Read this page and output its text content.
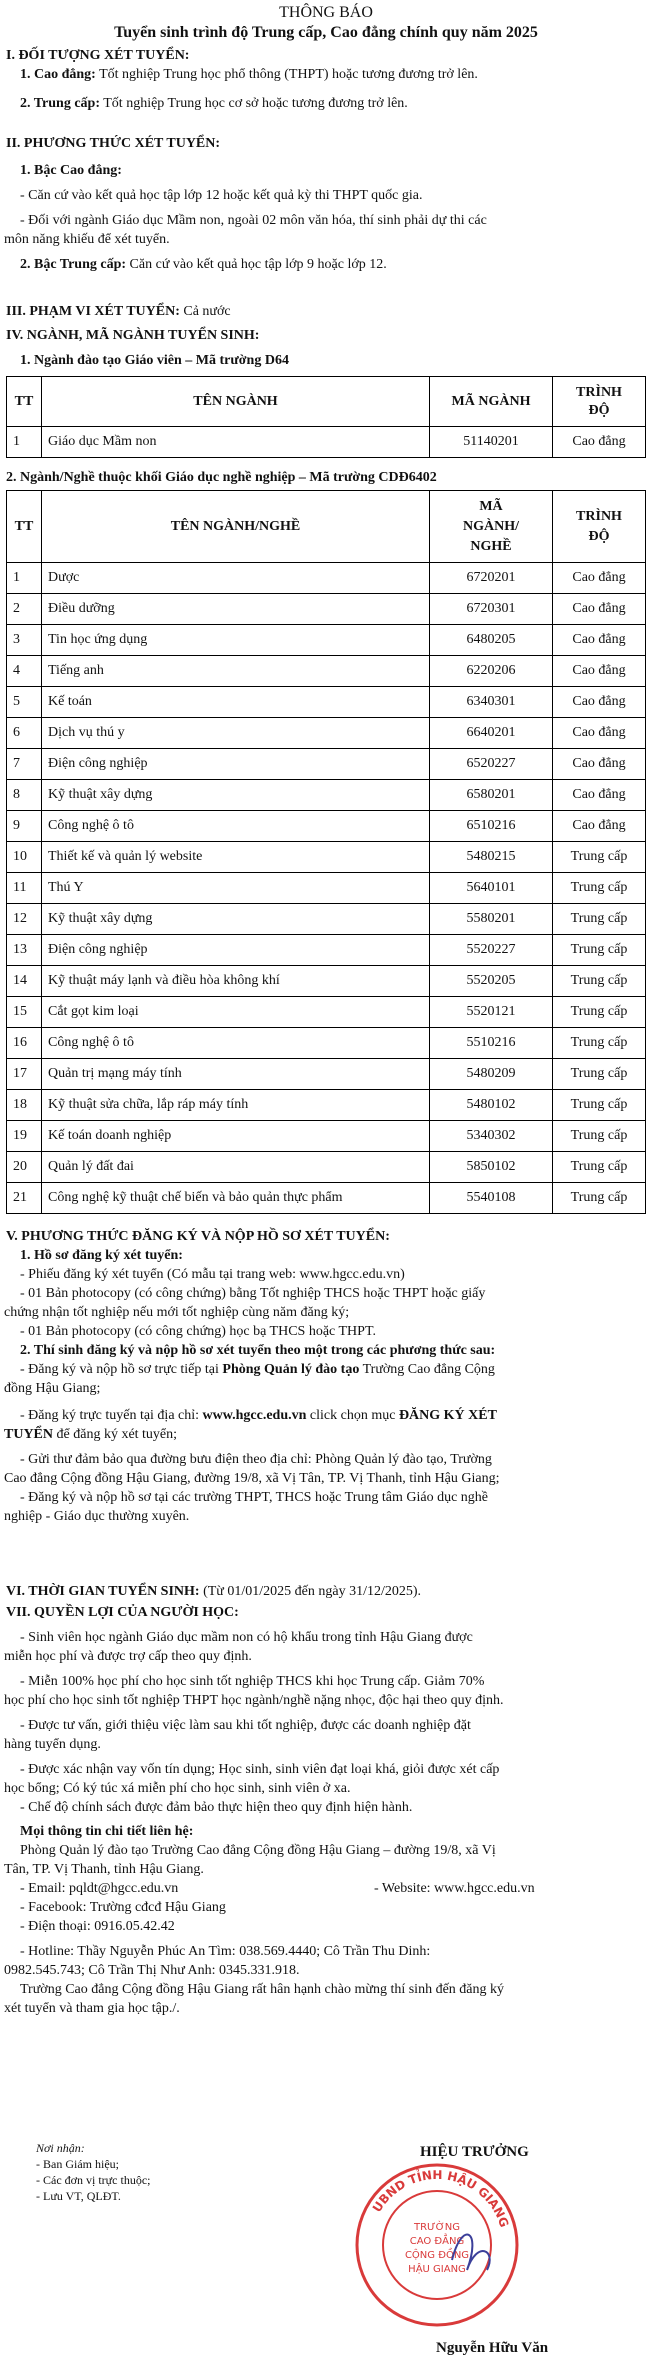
THÔNG BÁO
Tuyển sinh trình độ Trung cấp, Cao đẳng chính quy năm 2025

I. ĐỐI TƯỢNG XÉT TUYỂN:

1. Cao đẳng: Tốt nghiệp Trung học phổ thông (THPT) hoặc tương đương trở lên.

2. Trung cấp: Tốt nghiệp Trung học cơ sở hoặc tương đương trở lên.

II. PHƯƠNG THỨC XÉT TUYỂN:

1. Bậc Cao đẳng:

- Căn cứ vào kết quả học tập lớp 12 hoặc kết quả kỳ thi THPT quốc gia.

- Đối với ngành Giáo dục Mầm non, ngoài 02 môn văn hóa, thí sinh phải dự thi các

môn năng khiếu để xét tuyển.

2. Bậc Trung cấp: Căn cứ vào kết quả học tập lớp 9 hoặc lớp 12.

III. PHẠM VI XÉT TUYỂN: Cả nước

IV. NGÀNH, MÃ NGÀNH TUYỂN SINH:

1. Ngành đào tạo Giáo viên – Mã trường D64

TT	TÊN NGÀNH	MÃ NGÀNH	TRÌNH
ĐỘ
1	Giáo dục Mầm non	51140201	Cao đẳng

2. Ngành/Nghề thuộc khối Giáo dục nghề nghiệp – Mã trường CDĐ6402

TT	TÊN NGÀNH/NGHỀ	MÃ
NGÀNH/
NGHỀ	TRÌNH
ĐỘ
1	Dược	6720201	Cao đẳng
2	Điều dưỡng	6720301	Cao đẳng
3	Tin học ứng dụng	6480205	Cao đẳng
4	Tiếng anh	6220206	Cao đẳng
5	Kế toán	6340301	Cao đẳng
6	Dịch vụ thú y	6640201	Cao đẳng
7	Điện công nghiệp	6520227	Cao đẳng
8	Kỹ thuật xây dựng	6580201	Cao đẳng
9	Công nghệ ô tô	6510216	Cao đẳng
10	Thiết kế và quản lý website	5480215	Trung cấp
11	Thú Y	5640101	Trung cấp
12	Kỹ thuật xây dựng	5580201	Trung cấp
13	Điện công nghiệp	5520227	Trung cấp
14	Kỹ thuật máy lạnh và điều hòa không khí	5520205	Trung cấp
15	Cắt gọt kim loại	5520121	Trung cấp
16	Công nghệ ô tô	5510216	Trung cấp
17	Quản trị mạng máy tính	5480209	Trung cấp
18	Kỹ thuật sửa chữa, lắp ráp máy tính	5480102	Trung cấp
19	Kế toán doanh nghiệp	5340302	Trung cấp
20	Quản lý đất đai	5850102	Trung cấp
21	Công nghệ kỹ thuật chế biến và bảo quản thực phẩm	5540108	Trung cấp

V. PHƯƠNG THỨC ĐĂNG KÝ VÀ NỘP HỒ SƠ XÉT TUYỂN:

1. Hồ sơ đăng ký xét tuyển:

- Phiếu đăng ký xét tuyển (Có mẫu tại trang web: www.hgcc.edu.vn)

- 01 Bản photocopy (có công chứng) bằng Tốt nghiệp THCS hoặc THPT hoặc giấy

chứng nhận tốt nghiệp nếu mới tốt nghiệp cùng năm đăng ký;

- 01 Bản photocopy (có công chứng) học bạ THCS hoặc THPT.

2. Thí sinh đăng ký và nộp hồ sơ xét tuyển theo một trong các phương thức sau:

- Đăng ký và nộp hồ sơ trực tiếp tại Phòng Quản lý đào tạo Trường Cao đẳng Cộng

đồng Hậu Giang;

- Đăng ký trực tuyến tại địa chỉ: www.hgcc.edu.vn click chọn mục ĐĂNG KÝ XÉT

TUYỂN để đăng ký xét tuyển;

- Gửi thư đảm bảo qua đường bưu điện theo địa chỉ: Phòng Quản lý đào tạo, Trường

Cao đẳng Cộng đồng Hậu Giang, đường 19/8, xã Vị Tân, TP. Vị Thanh, tỉnh Hậu Giang;

- Đăng ký và nộp hồ sơ tại các trường THPT, THCS hoặc Trung tâm Giáo dục nghề

nghiệp - Giáo dục thường xuyên.

VI. THỜI GIAN TUYỂN SINH: (Từ 01/01/2025 đến ngày 31/12/2025).

VII. QUYỀN LỢI CỦA NGƯỜI HỌC:

- Sinh viên học ngành Giáo dục mầm non có hộ khẩu trong tỉnh Hậu Giang được

miễn học phí và được trợ cấp theo quy định.

- Miễn 100% học phí cho học sinh tốt nghiệp THCS khi học Trung cấp. Giảm 70%

học phí cho học sinh tốt nghiệp THPT học ngành/nghề nặng nhọc, độc hại theo quy định.

- Được tư vấn, giới thiệu việc làm sau khi tốt nghiệp, được các doanh nghiệp đặt

hàng tuyển dụng.

- Được xác nhận vay vốn tín dụng; Học sinh, sinh viên đạt loại khá, giỏi được xét cấp

học bổng; Có ký túc xá miễn phí cho học sinh, sinh viên ở xa.

- Chế độ chính sách được đảm bảo thực hiện theo quy định hiện hành.

Mọi thông tin chi tiết liên hệ:

Phòng Quản lý đào tạo Trường Cao đẳng Cộng đồng Hậu Giang – đường 19/8, xã Vị

Tân, TP. Vị Thanh, tỉnh Hậu Giang.

- Email: pqldt@hgcc.edu.vn	- Website: www.hgcc.edu.vn

- Facebook: Trường cđcđ Hậu Giang

- Điện thoại: 0916.05.42.42

- Hotline: Thầy Nguyễn Phúc An Tìm: 038.569.4440; Cô Trần Thu Dinh:

0982.545.743; Cô Trần Thị Như Anh: 0345.331.918.

Trường Cao đẳng Cộng đồng Hậu Giang rất hân hạnh chào mừng thí sinh đến đăng ký

xét tuyển và tham gia học tập./.

Nơi nhận:
- Ban Giám hiệu;
- Các đơn vị trực thuộc;
- Lưu VT, QLĐT.
HIỆU TRƯỞNG
UBND TỈNH HẬU GIANG
TRƯỜNG
CAO ĐẲNG
CỘNG ĐỒNG
HẬU GIANG
Nguyễn Hữu Văn
